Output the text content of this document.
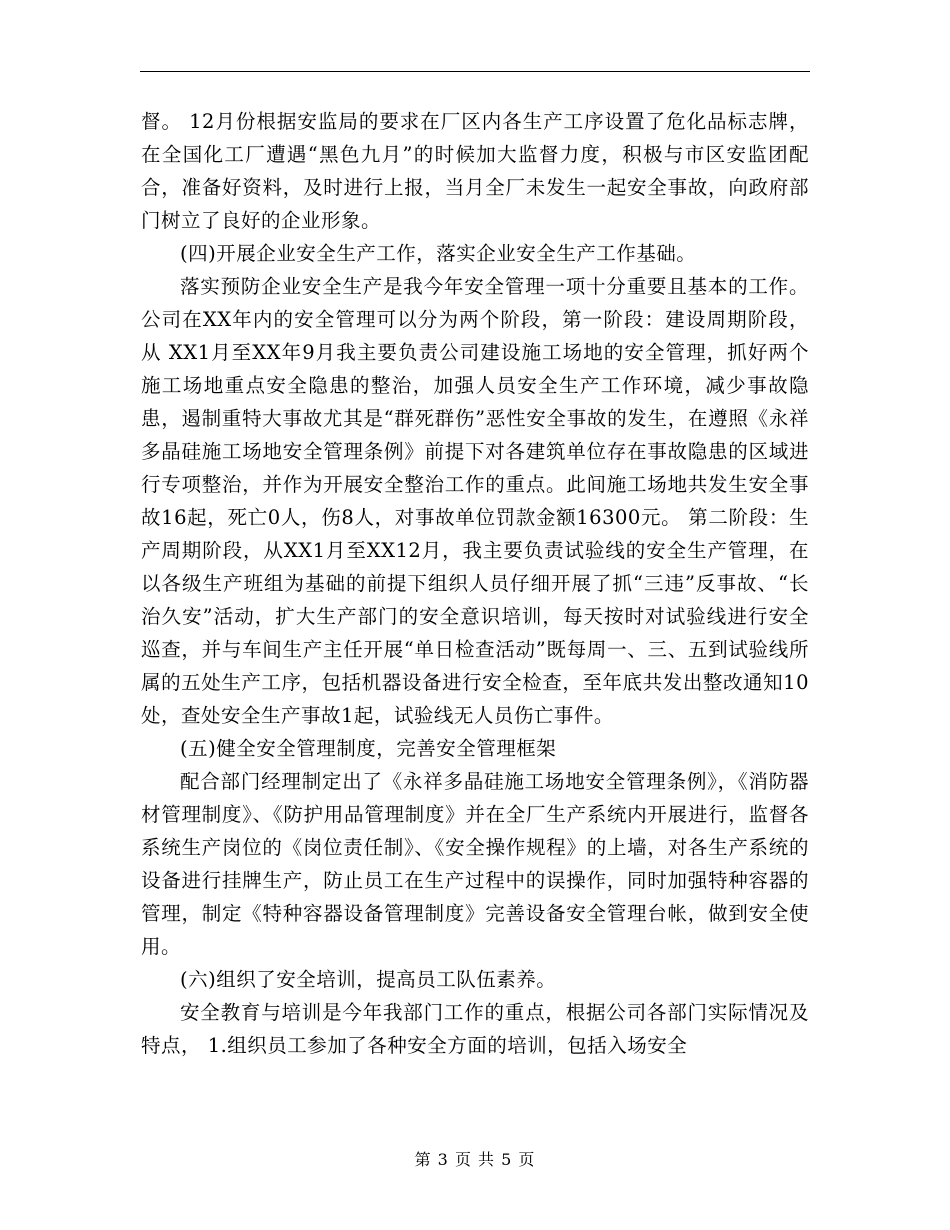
督。 12月份根据安监局的要求在厂区内各生产工序设置了危化品标志牌，在全国化工厂遭遇“黑色九月”的时候加大监督力度，积极与市区安监团配合，准备好资料，及时进行上报，当月全厂未发生一起安全事故，向政府部门树立了良好的企业形象。

(四)开展企业安全生产工作，落实企业安全生产工作基础。

落实预防企业安全生产是我今年安全管理一项十分重要且基本的工作。公司在XX年内的安全管理可以分为两个阶段，第一阶段：建设周期阶段，从 XX1月至XX年9月我主要负责公司建设施工场地的安全管理，抓好两个施工场地重点安全隐患的整治，加强人员安全生产工作环境，减少事故隐患，遏制重特大事故尤其是“群死群伤”恶性安全事故的发生，在遵照《永祥多晶硅施工场地安全管理条例》前提下对各建筑单位存在事故隐患的区域进行专项整治，并作为开展安全整治工作的重点。此间施工场地共发生安全事故16起，死亡0人，伤8人，对事故单位罚款金额16300元。 第二阶段：生产周期阶段，从XX1月至XX12月，我主要负责试验线的安全生产管理，在以各级生产班组为基础的前提下组织人员仔细开展了抓“三违”反事故、“长治久安”活动，扩大生产部门的安全意识培训，每天按时对试验线进行安全巡查，并与车间生产主任开展“单日检查活动”既每周一、三、五到试验线所属的五处生产工序，包括机器设备进行安全检查，至年底共发出整改通知10处，查处安全生产事故1起，试验线无人员伤亡事件。

(五)健全安全管理制度，完善安全管理框架

配合部门经理制定出了《永祥多晶硅施工场地安全管理条例》，《消防器材管理制度》、《防护用品管理制度》并在全厂生产系统内开展进行，监督各系统生产岗位的《岗位责任制》、《安全操作规程》的上墙，对各生产系统的设备进行挂牌生产，防止员工在生产过程中的误操作，同时加强特种容器的管理，制定《特种容器设备管理制度》完善设备安全管理台帐，做到安全使用。

(六)组织了安全培训，提高员工队伍素养。

安全教育与培训是今年我部门工作的重点，根据公司各部门实际情况及特点， 1.组织员工参加了各种安全方面的培训，包括入场安全

第 3 页 共 5 页
